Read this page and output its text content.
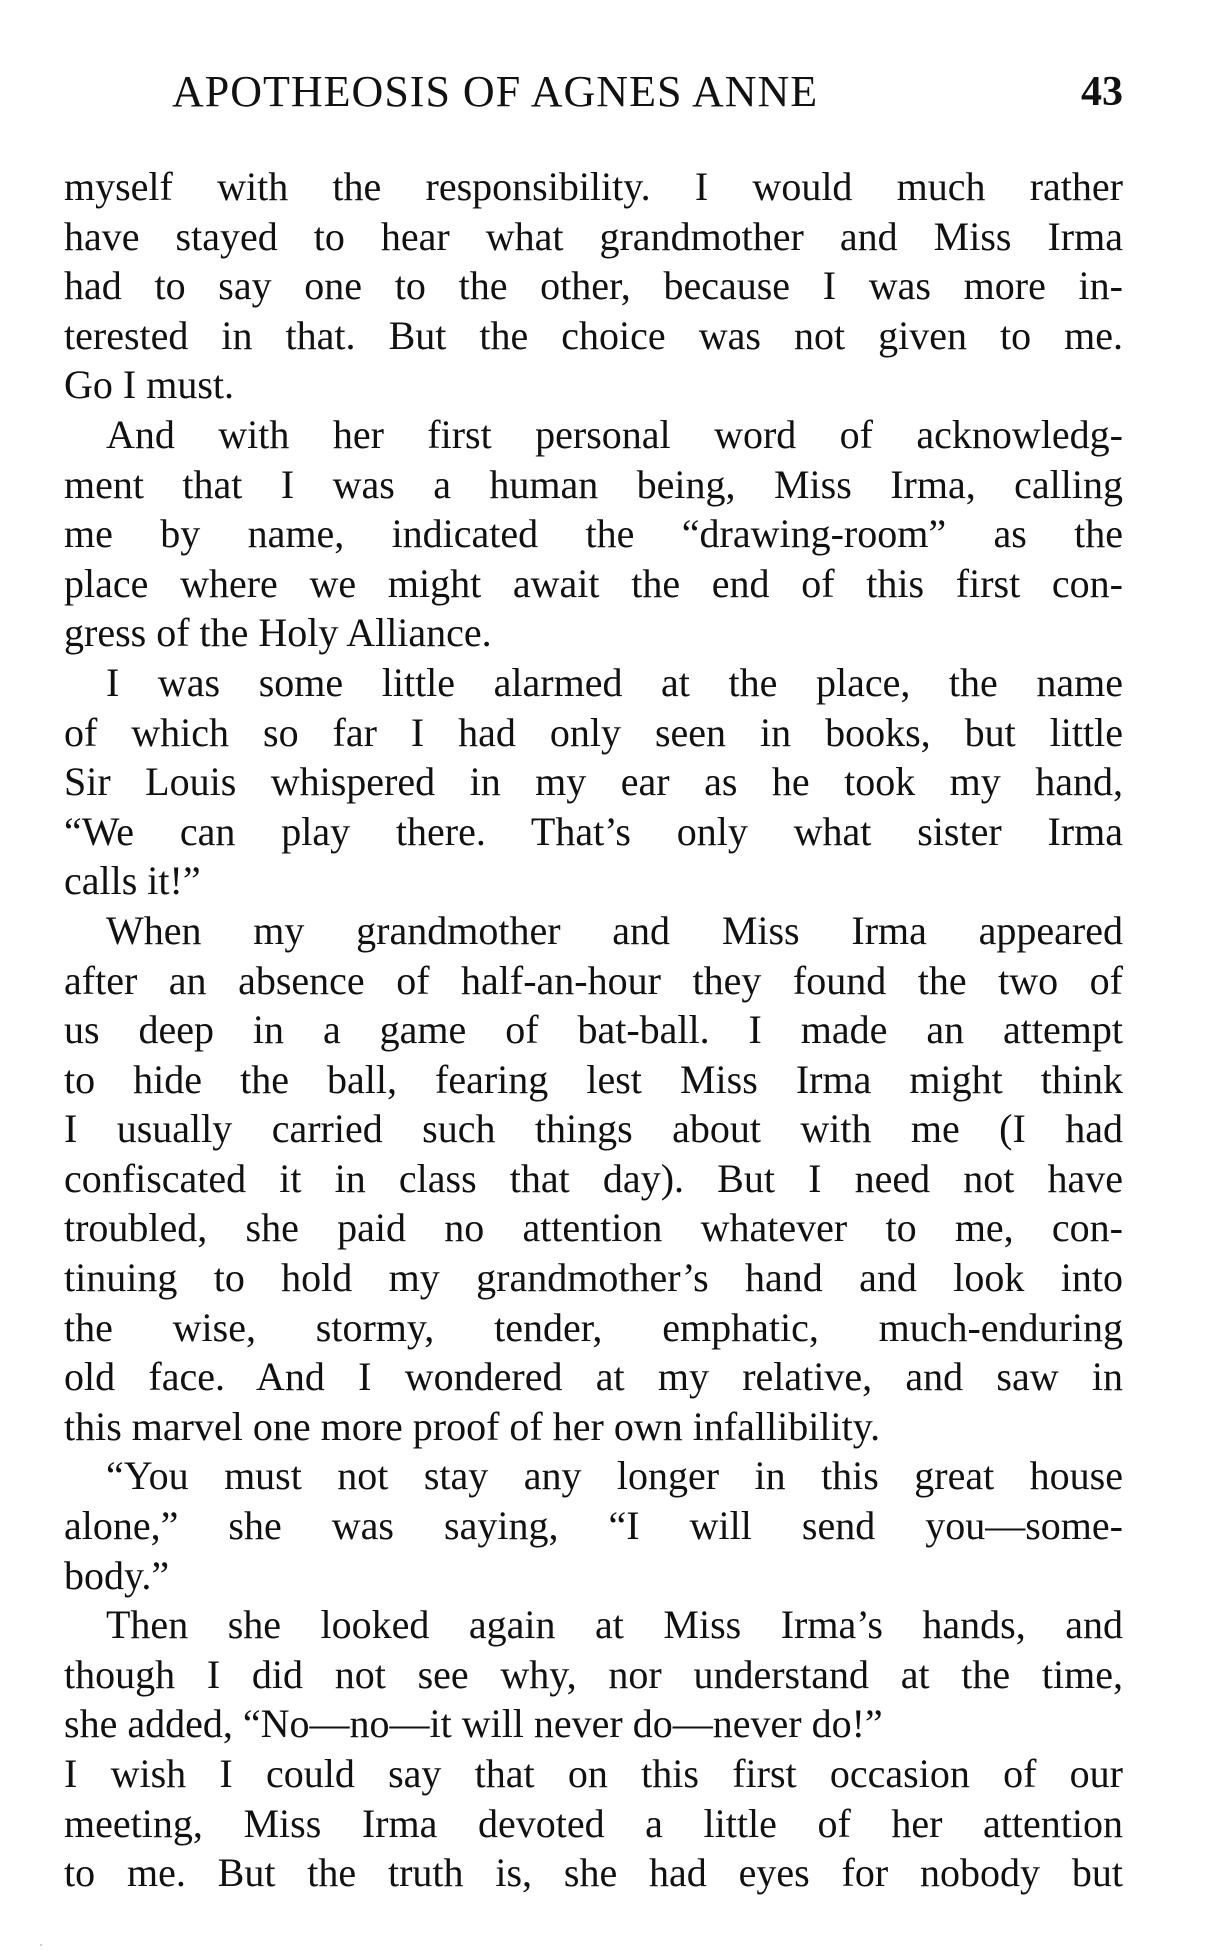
APOTHEOSIS OF AGNES ANNE	43
myself with the responsibility. I would much rather
have stayed to hear what grandmother and Miss Irma
had to say one to the other, because I was more in-
terested in that. But the choice was not given to me.
Go I must.
And with her first personal word of acknowledg-
ment that I was a human being, Miss Irma, calling
me by name, indicated the “drawing-room” as the
place where we might await the end of this first con-
gress of the Holy Alliance.
I was some little alarmed at the place, the name
of which so far I had only seen in books, but little
Sir Louis whispered in my ear as he took my hand,
“We can play there. That’s only what sister Irma
calls it!”
When my grandmother and Miss Irma appeared
after an absence of half-an-hour they found the two of
us deep in a game of bat-ball. I made an attempt
to hide the ball, fearing lest Miss Irma might think
I usually carried such things about with me (I had
confiscated it in class that day). But I need not have
troubled, she paid no attention whatever to me, con-
tinuing to hold my grandmother’s hand and look into
the wise, stormy, tender, emphatic, much-enduring
old face. And I wondered at my relative, and saw in
this marvel one more proof of her own infallibility.
“You must not stay any longer in this great house
alone,” she was saying, “I will send you—some-
body.”
Then she looked again at Miss Irma’s hands, and
though I did not see why, nor understand at the time,
she added, “No—no—it will never do—never do!”
I wish I could say that on this first occasion of our
meeting, Miss Irma devoted a little of her attention
to me. But the truth is, she had eyes for nobody but
